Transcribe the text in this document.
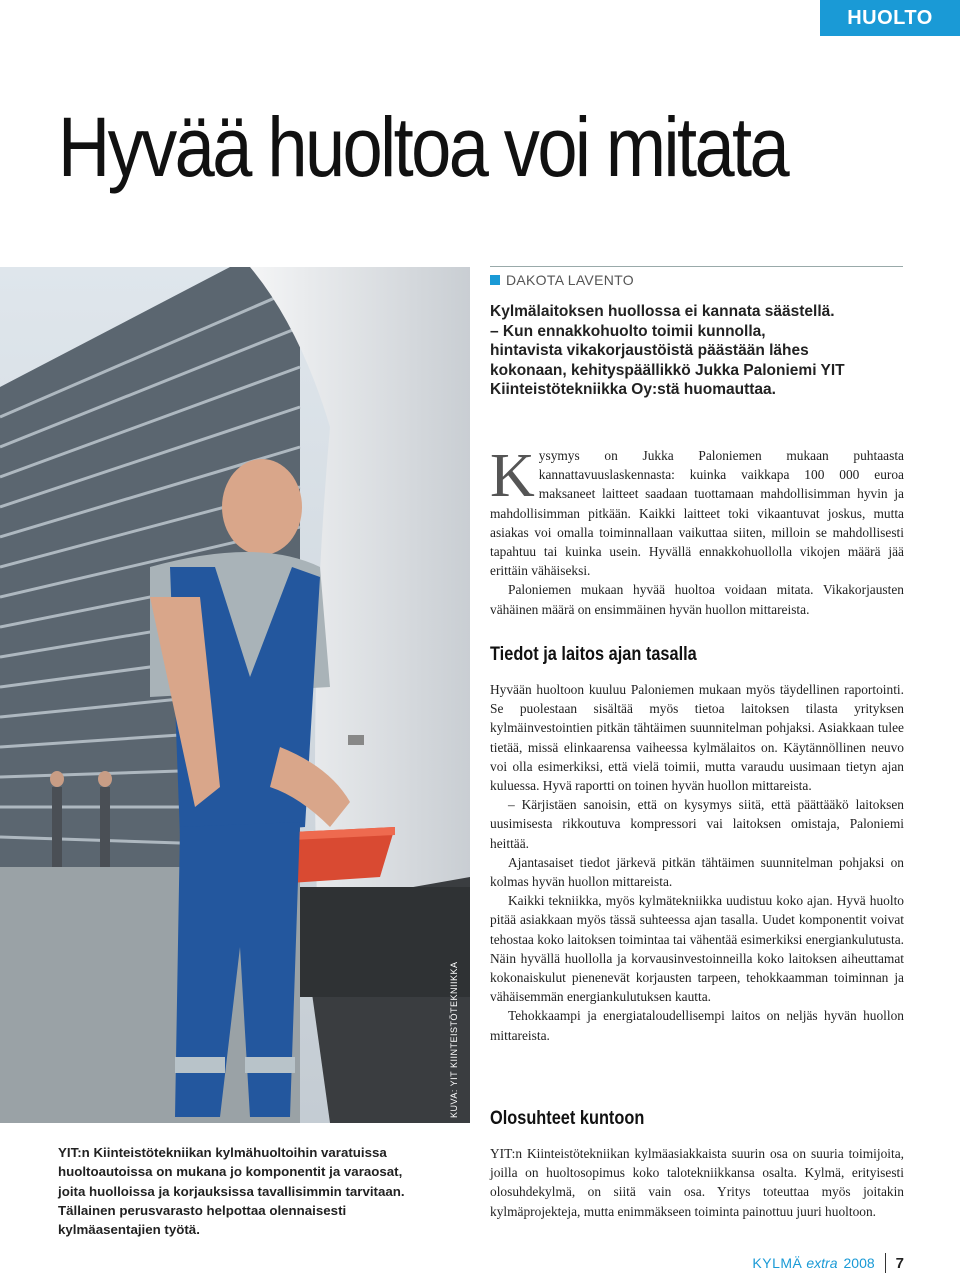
HUOLTO
Hyvää huoltoa voi mitata
DAKOTA LAVENTO

Kylmälaitoksen huollossa ei kannata säästellä.

– Kun ennakkohuolto toimii kunnolla,

hintavista vikakorjaustöistä päästään lähes

kokonaan, kehityspäällikkö Jukka Paloniemi YIT

Kiinteistötekniikka Oy:stä huomauttaa.

Kysymys on Jukka Paloniemen mukaan puhtaasta kannattavuuslaskennasta: kuinka vaikkapa 100 000 euroa maksaneet laitteet saadaan tuottamaan mahdollisimman hyvin ja mahdollisimman pitkään. Kaikki laitteet toki vikaantuvat joskus, mutta asiakas voi omalla toiminnallaan vaikuttaa siiten, milloin se mahdollisesti tapahtuu tai kuinka usein. Hyvällä ennakkohuollolla vikojen määrä jää erittäin vähäiseksi.

Paloniemen mukaan hyvää huoltoa voidaan mitata. Vikakorjausten vähäinen määrä on ensimmäinen hyvän huollon mittareista.

Tiedot ja laitos ajan tasalla

Hyvään huoltoon kuuluu Paloniemen mukaan myös täydellinen raportointi. Se puolestaan sisältää myös tietoa laitoksen tilasta yrityksen kylmäinvestointien pitkän tähtäimen suunnitelman pohjaksi. Asiakkaan tulee tietää, missä elinkaarensa vaiheessa kylmälaitos on. Käytännöllinen neuvo voi olla esimerkiksi, että vielä toimii, mutta varaudu uusimaan tietyn ajan kuluessa. Hyvä raportti on toinen hyvän huollon mittareista.

– Kärjistäen sanoisin, että on kysymys siitä, että päättääkö laitoksen uusimisesta rikkoutuva kompressori vai laitoksen omistaja, Paloniemi heittää.

Ajantasaiset tiedot järkevä pitkän tähtäimen suunnitelman pohjaksi on kolmas hyvän huollon mittareista.

Kaikki tekniikka, myös kylmätekniikka uudistuu koko ajan. Hyvä huolto pitää asiakkaan myös tässä suhteessa ajan tasalla. Uudet komponentit voivat tehostaa koko laitoksen toimintaa tai vähentää esimerkiksi energiankulutusta. Näin hyvällä huollolla ja korvausinvestoinneilla koko laitoksen aiheuttamat kokonaiskulut pienenevät korjausten tarpeen, tehokkaamman toiminnan ja vähäisemmän energiankulutuksen kautta.

Tehokkaampi ja energiataloudellisempi laitos on neljäs hyvän huollon mittareista.

Olosuhteet kuntoon

YIT:n Kiinteistötekniikan kylmäasiakkaista suurin osa on suuria toimijoita, joilla on huoltosopimus koko talotekniikkansa osalta. Kylmä, erityisesti olosuhdekylmä, on siitä vain osa. Yritys toteuttaa myös joitakin kylmäprojekteja, mutta enimmäkseen toiminta painottuu juuri huoltoon.

KUVA: YIT KIINTEISTÖTEKNIIKKA
YIT:n Kiinteistötekniikan kylmähuoltoihin varatuissa huoltoautoissa on mukana jo komponentit ja varaosat, joita huolloissa ja korjauksissa tavallisimmin tarvitaan. Tällainen perusvarasto helpottaa olennaisesti kylmäasentajien työtä.
KYLMÄ extra 2008 7
